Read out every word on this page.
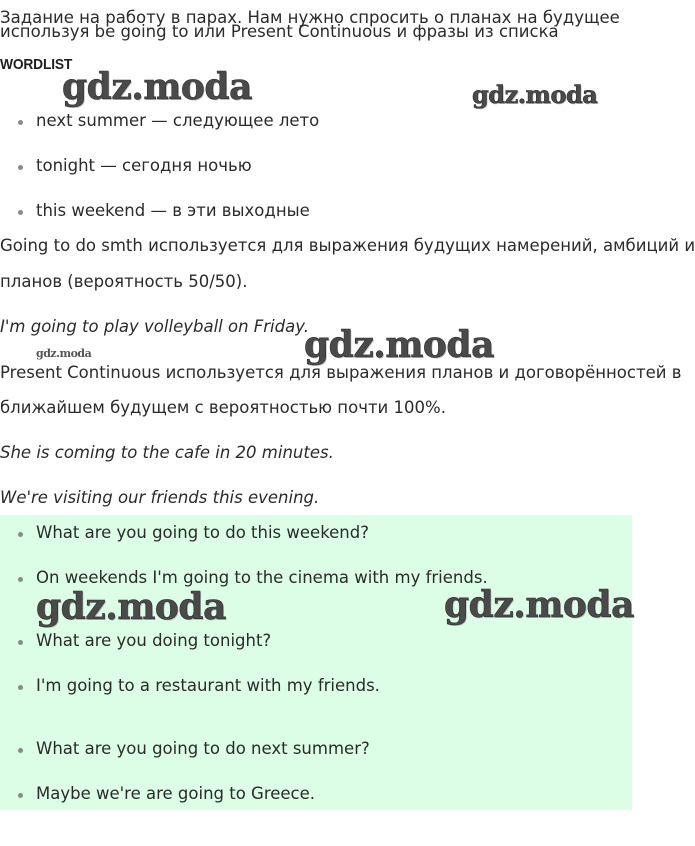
Задание на работу в парах. Нам нужно спросить о планах на будущее

используя be going to или Present Continuous и фразы из списка
WORDLIST
next summer — следующее лето
tonight — сегодня ночью
this weekend — в эти выходные

Going to do smth используется для выражения будущих намерений, амбиций и

планов (вероятность 50/50).

I'm going to play volleyball on Friday.

Present Continuous используется для выражения планов и договорённостей в

ближайшем будущем с вероятностью почти 100%.

She is coming to the cafe in 20 minutes.

We're visiting our friends this evening.

What are you going to do this weekend?
On weekends I'm going to the cinema with my friends.
What are you doing tonight?
I'm going to a restaurant with my friends.
What are you going to do next summer?
Maybe we're are going to Greece.
gdz.moda	gdz.moda
gdz.moda	gdz.moda
gdz.moda	gdz.moda
